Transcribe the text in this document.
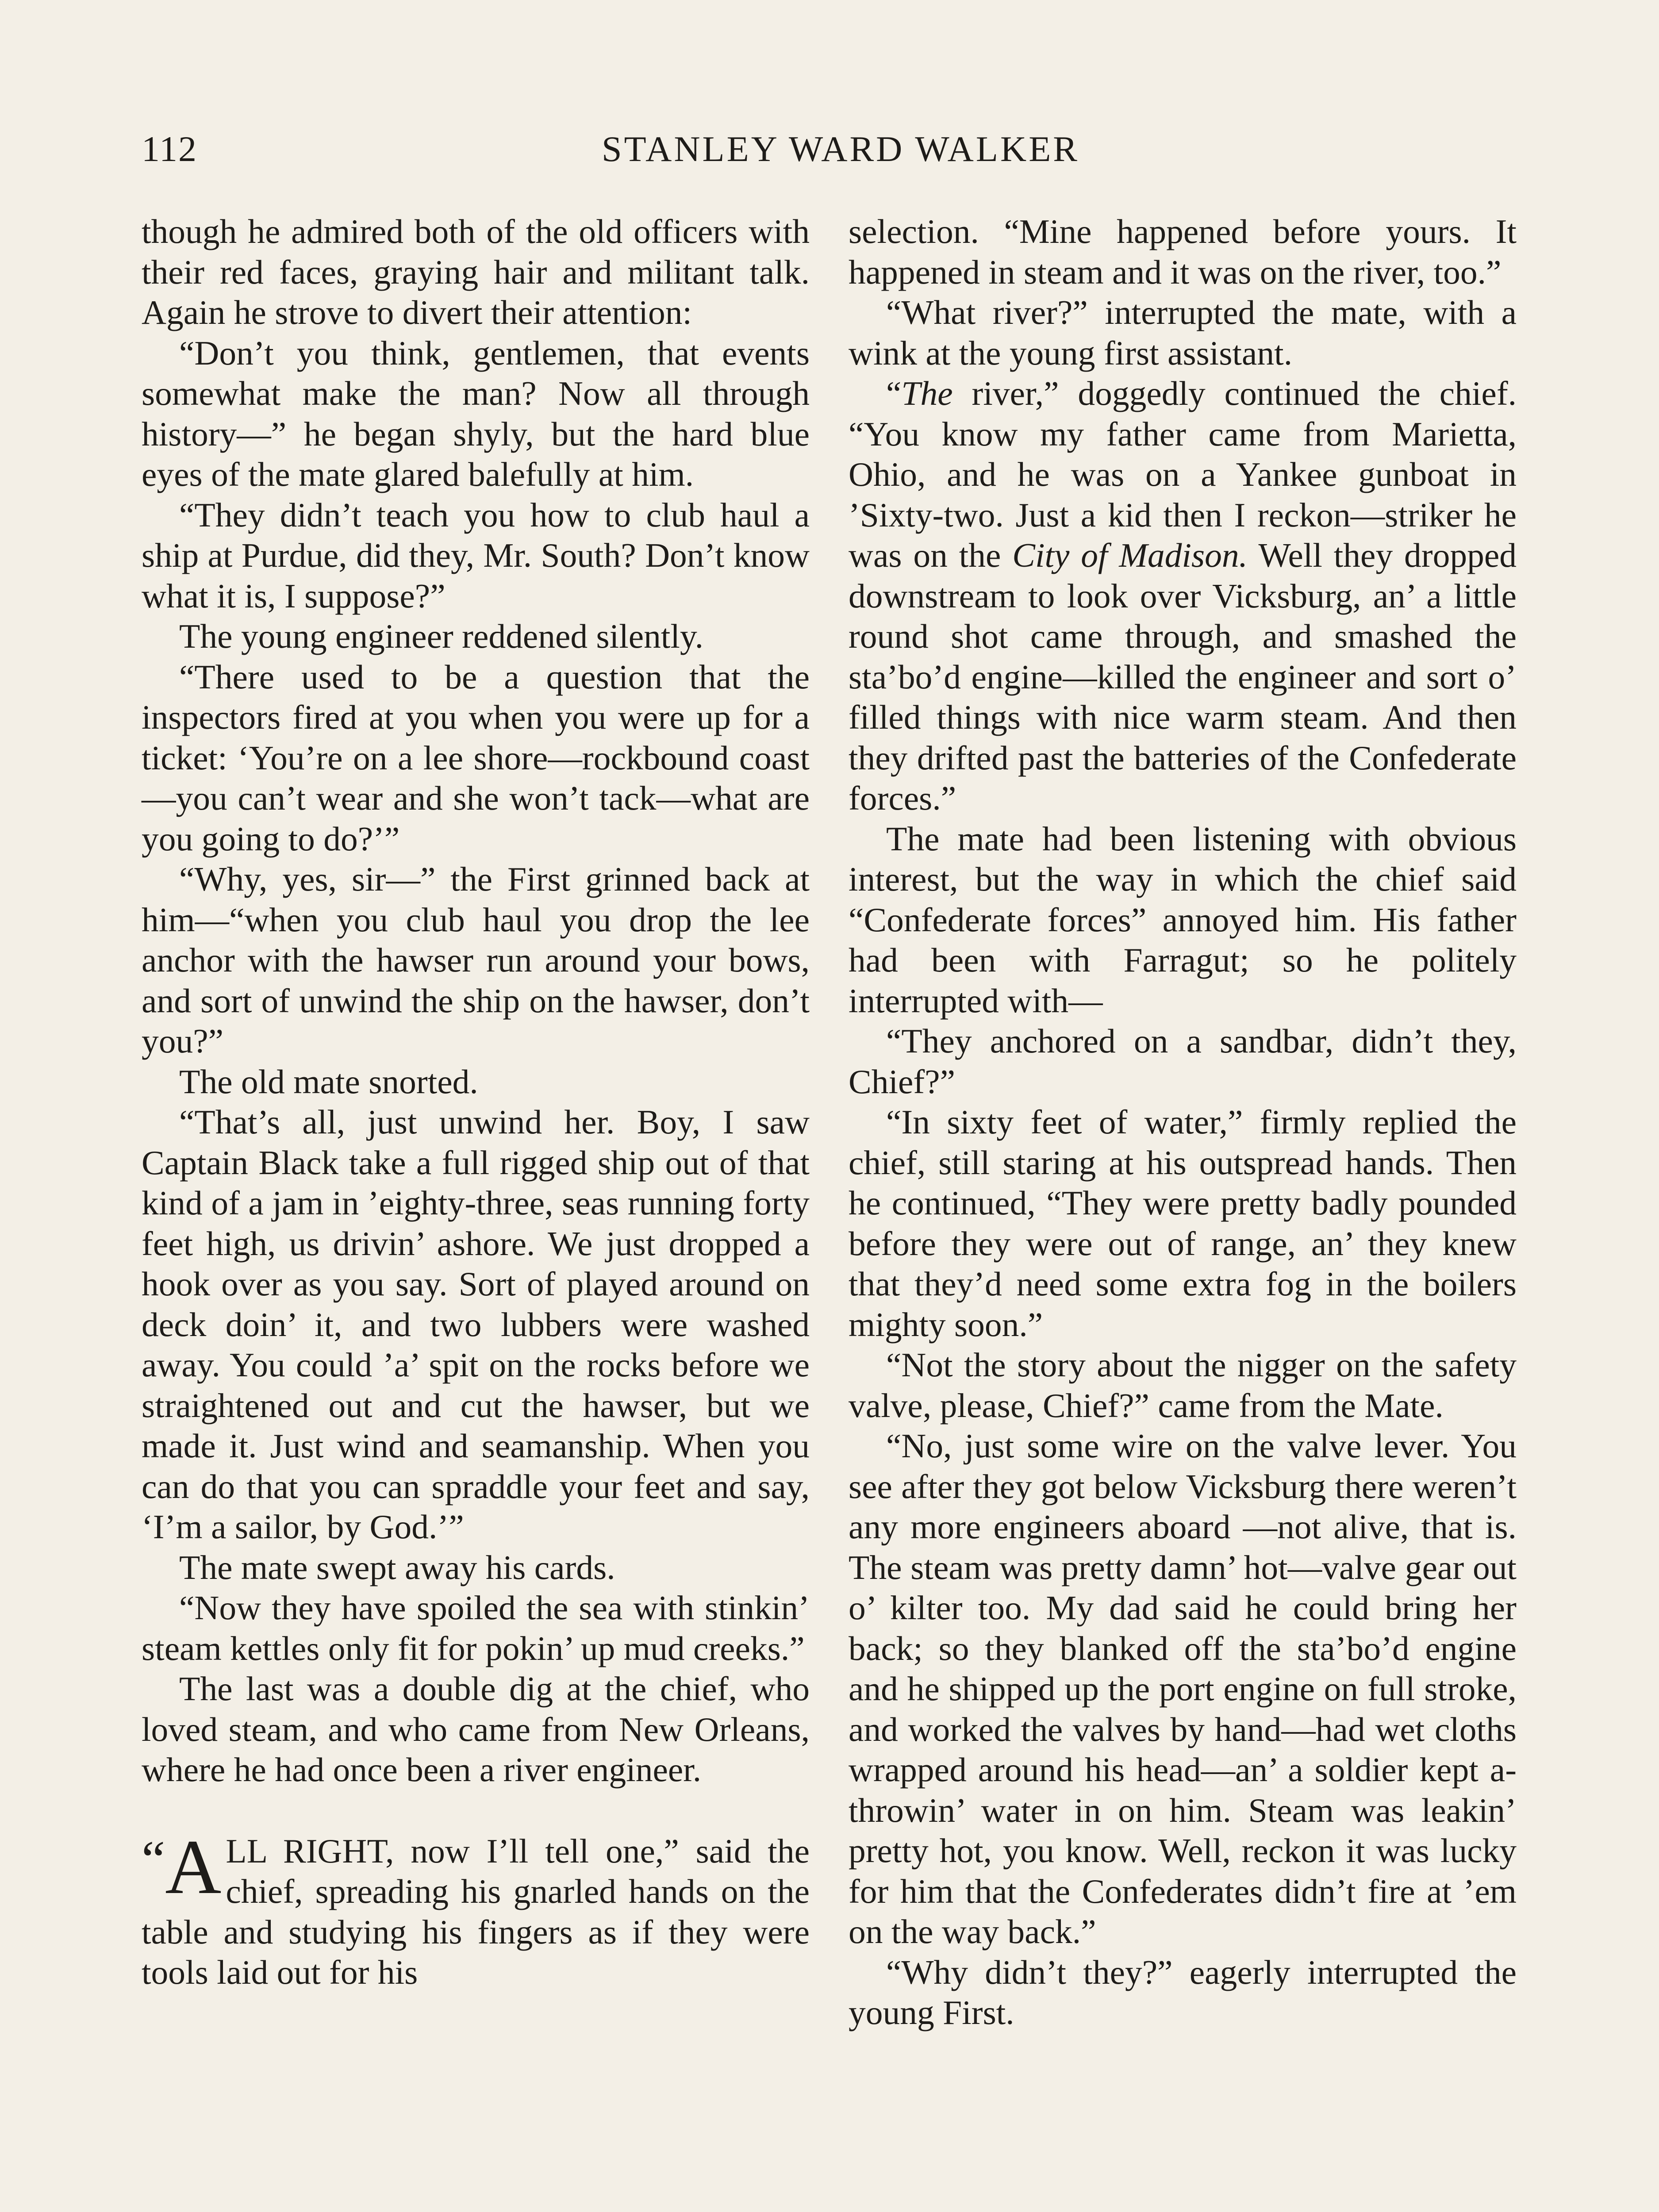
112	STANLEY WARD WALKER

though he admired both of the old officers with their red faces, graying hair and militant talk. Again he strove to divert their attention:

“Don’t you think, gentlemen, that events somewhat make the man? Now all through history—” he began shyly, but the hard blue eyes of the mate glared balefully at him.

“They didn’t teach you how to club haul a ship at Purdue, did they, Mr. South? Don’t know what it is, I suppose?”

The young engineer reddened silently.

“There used to be a question that the inspectors fired at you when you were up for a ticket: ‘You’re on a lee shore—rockbound coast—you can’t wear and she won’t tack—what are you going to do?’”

“Why, yes, sir—” the First grinned back at him—“when you club haul you drop the lee anchor with the hawser run around your bows, and sort of unwind the ship on the hawser, don’t you?”

The old mate snorted.

“That’s all, just unwind her. Boy, I saw Captain Black take a full rigged ship out of that kind of a jam in ’eighty-three, seas running forty feet high, us drivin’ ashore. We just dropped a hook over as you say. Sort of played around on deck doin’ it, and two lubbers were washed away. You could ’a’ spit on the rocks before we straightened out and cut the hawser, but we made it. Just wind and seamanship. When you can do that you can spraddle your feet and say, ‘I’m a sailor, by God.’”

The mate swept away his cards.

“Now they have spoiled the sea with stinkin’ steam kettles only fit for pokin’ up mud creeks.”

The last was a double dig at the chief, who loved steam, and who came from New Orleans, where he had once been a river engineer.

“A LL RIGHT, now I’ll tell one,” said the chief, spreading his gnarled hands on the table and studying his fingers as if they were tools laid out for his

selection. “Mine happened before yours. It happened in steam and it was on the river, too.”

“What river?” interrupted the mate, with a wink at the young first assistant.

“The river,” doggedly continued the chief. “You know my father came from Marietta, Ohio, and he was on a Yankee gunboat in ’Sixty-two. Just a kid then I reckon—striker he was on the City of Madison. Well they dropped downstream to look over Vicksburg, an’ a little round shot came through, and smashed the sta’bo’d engine—killed the engineer and sort o’ filled things with nice warm steam. And then they drifted past the batteries of the Confederate forces.”

The mate had been listening with obvious interest, but the way in which the chief said “Confederate forces” annoyed him. His father had been with Farragut; so he politely interrupted with—

“They anchored on a sandbar, didn’t they, Chief?”

“In sixty feet of water,” firmly replied the chief, still staring at his outspread hands. Then he continued, “They were pretty badly pounded before they were out of range, an’ they knew that they’d need some extra fog in the boilers mighty soon.”

“Not the story about the nigger on the safety valve, please, Chief?” came from the Mate.

“No, just some wire on the valve lever. You see after they got below Vicksburg there weren’t any more engineers aboard —not alive, that is. The steam was pretty damn’ hot—valve gear out o’ kilter too. My dad said he could bring her back; so they blanked off the sta’bo’d engine and he shipped up the port engine on full stroke, and worked the valves by hand—had wet cloths wrapped around his head—an’ a soldier kept a-throwin’ water in on him. Steam was leakin’ pretty hot, you know. Well, reckon it was lucky for him that the Confederates didn’t fire at ’em on the way back.”

“Why didn’t they?” eagerly interrupted the young First.
